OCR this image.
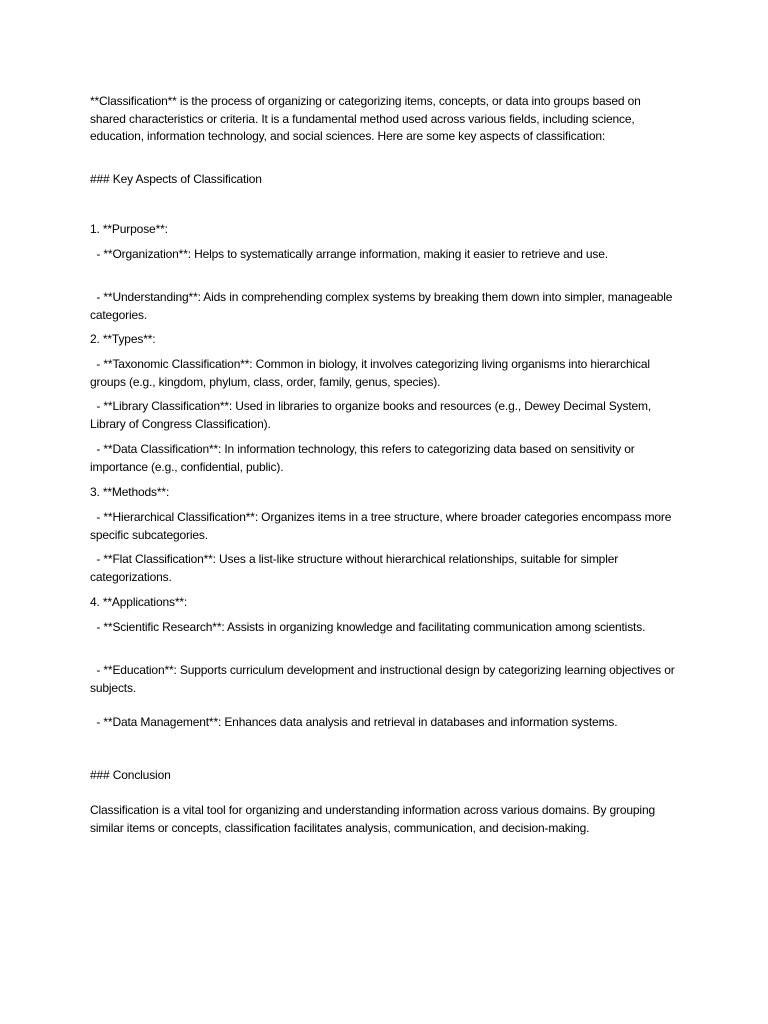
**Classification** is the process of organizing or categorizing items, concepts, or data into groups based on shared characteristics or criteria. It is a fundamental method used across various fields, including science, education, information technology, and social sciences. Here are some key aspects of classification:

### Key Aspects of Classification

1. **Purpose**:

- **Organization**: Helps to systematically arrange information, making it easier to retrieve and use.

- **Understanding**: Aids in comprehending complex systems by breaking them down into simpler, manageable categories.

2. **Types**:

- **Taxonomic Classification**: Common in biology, it involves categorizing living organisms into hierarchical groups (e.g., kingdom, phylum, class, order, family, genus, species).

- **Library Classification**: Used in libraries to organize books and resources (e.g., Dewey Decimal System, Library of Congress Classification).

- **Data Classification**: In information technology, this refers to categorizing data based on sensitivity or importance (e.g., confidential, public).

3. **Methods**:

- **Hierarchical Classification**: Organizes items in a tree structure, where broader categories encompass more specific subcategories.

- **Flat Classification**: Uses a list-like structure without hierarchical relationships, suitable for simpler categorizations.

4. **Applications**:

- **Scientific Research**: Assists in organizing knowledge and facilitating communication among scientists.

- **Education**: Supports curriculum development and instructional design by categorizing learning objectives or subjects.

- **Data Management**: Enhances data analysis and retrieval in databases and information systems.

### Conclusion

Classification is a vital tool for organizing and understanding information across various domains. By grouping similar items or concepts, classification facilitates analysis, communication, and decision-making.
